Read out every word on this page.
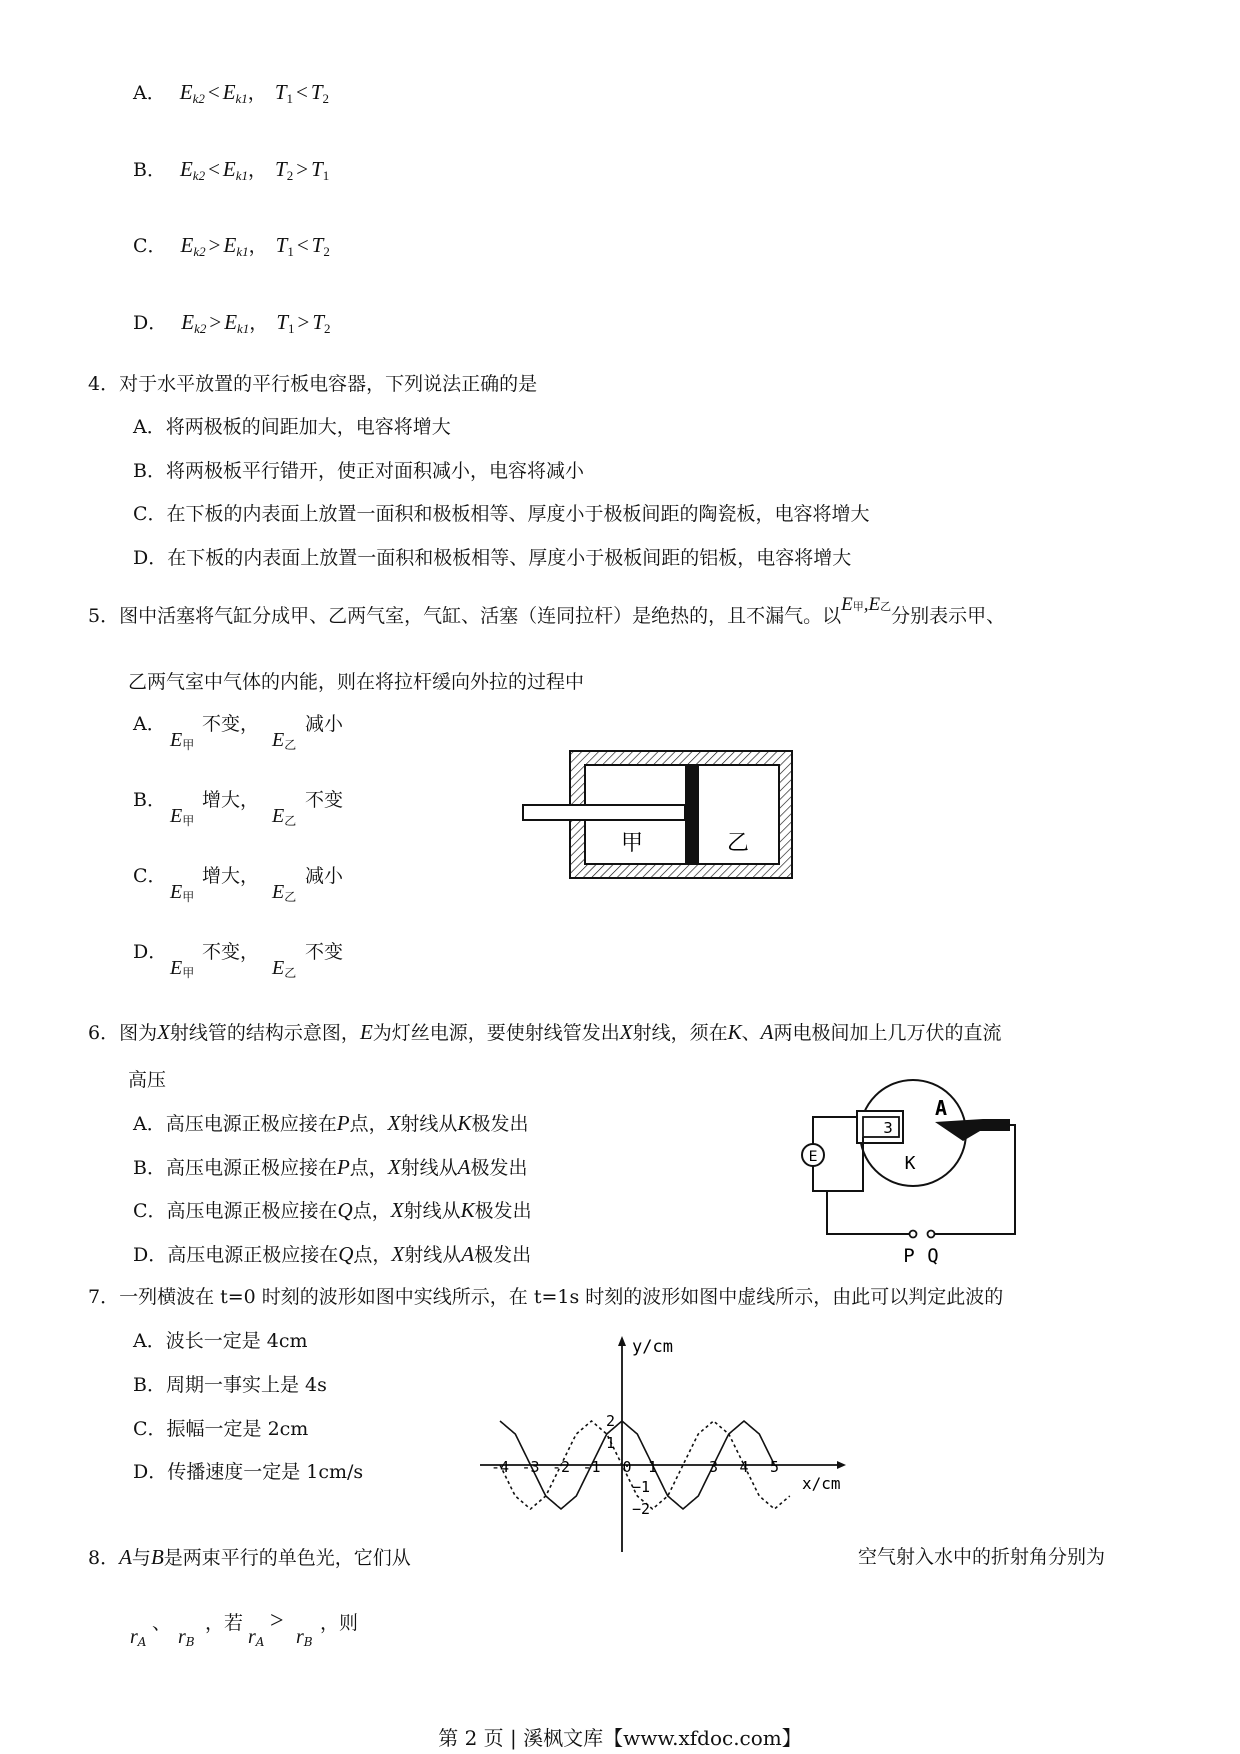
A． $E_{k2} < E_{k1}$， $T_1 < T_2$
B． $E_{k2} < E_{k1}$， $T_2 > T_1$
C． $E_{k2} > E_{k1}$， $T_1 < T_2$
D． $E_{k2} > E_{k1}$， $T_1 > T_2$
4．对于水平放置的平行板电容器，下列说法正确的是
A．将两极板的间距加大，电容将增大
B．将两极板平行错开，使正对面积减小，电容将减小
C．在下板的内表面上放置一面积和极板相等、厚度小于极板间距的陶瓷板，电容将增大
D．在下板的内表面上放置一面积和极板相等、厚度小于极板间距的铝板，电容将增大
5．图中活塞将气缸分成甲、乙两气室，气缸、活塞（连同拉杆）是绝热的，且不漏气。以E甲,E乙分别表示甲、
乙两气室中气体的内能，则在将拉杆缓向外拉的过程中
A．
E甲
不变，
E乙
减小
B．
E甲
增大，
E乙
不变
C．
E甲
增大，
E乙
减小
D．
E甲
不变，
E乙
不变
甲	乙
6．图为X射线管的结构示意图，E为灯丝电源，要使射线管发出X射线，须在K、A两电极间加上几万伏的直流
高压
A．高压电源正极应接在P点，X射线从K极发出
B．高压电源正极应接在P点，X射线从A极发出
C．高压电源正极应接在Q点，X射线从K极发出
D．高压电源正极应接在Q点，X射线从A极发出
3
A
K
E
P Q
7．一列横波在 t=0 时刻的波形如图中实线所示，在 t=1s 时刻的波形如图中虚线所示，由此可以判定此波的
A．波长一定是 4cm
B．周期一事实上是 4s
C．振幅一定是 2cm
D．传播速度一定是 1cm/s
y/cm
x/cm
-4 -3 -2 -1 0 1	3 4 5
2
1
−1
−2
8．A与B是两束平行的单色光，它们从	空气射入水中的折射角分别为
rA
、
rB
，若
rA
>
rB
，则
第 2 页 | 溪枫文库【www.xfdoc.com】
